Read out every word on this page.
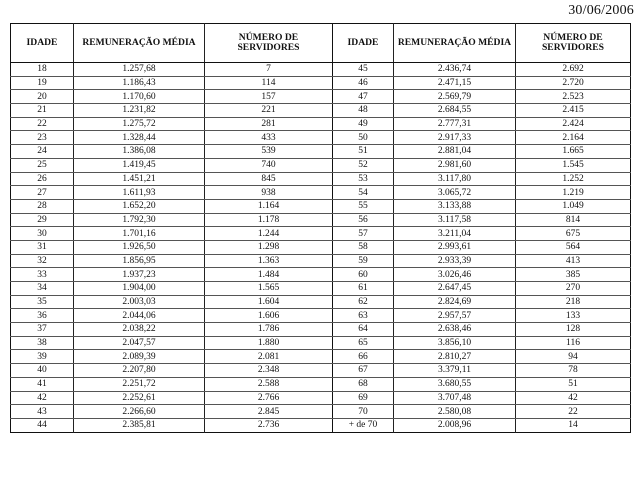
30/06/2006
IDADE	REMUNERAÇÃO MÉDIA	NÚMERO DE SERVIDORES	IDADE	REMUNERAÇÃO MÉDIA	NÚMERO DE SERVIDORES
18	1.257,68	7	45	2.436,74	2.692
19	1.186,43	114	46	2.471,15	2.720
20	1.170,60	157	47	2.569,79	2.523
21	1.231,82	221	48	2.684,55	2.415
22	1.275,72	281	49	2.777,31	2.424
23	1.328,44	433	50	2.917,33	2.164
24	1.386,08	539	51	2.881,04	1.665
25	1.419,45	740	52	2.981,60	1.545
26	1.451,21	845	53	3.117,80	1.252
27	1.611,93	938	54	3.065,72	1.219
28	1.652,20	1.164	55	3.133,88	1.049
29	1.792,30	1.178	56	3.117,58	814
30	1.701,16	1.244	57	3.211,04	675
31	1.926,50	1.298	58	2.993,61	564
32	1.856,95	1.363	59	2.933,39	413
33	1.937,23	1.484	60	3.026,46	385
34	1.904,00	1.565	61	2.647,45	270
35	2.003,03	1.604	62	2.824,69	218
36	2.044,06	1.606	63	2.957,57	133
37	2.038,22	1.786	64	2.638,46	128
38	2.047,57	1.880	65	3.856,10	116
39	2.089,39	2.081	66	2.810,27	94
40	2.207,80	2.348	67	3.379,11	78
41	2.251,72	2.588	68	3.680,55	51
42	2.252,61	2.766	69	3.707,48	42
43	2.266,60	2.845	70	2.580,08	22
44	2.385,81	2.736	+ de 70	2.008,96	14
